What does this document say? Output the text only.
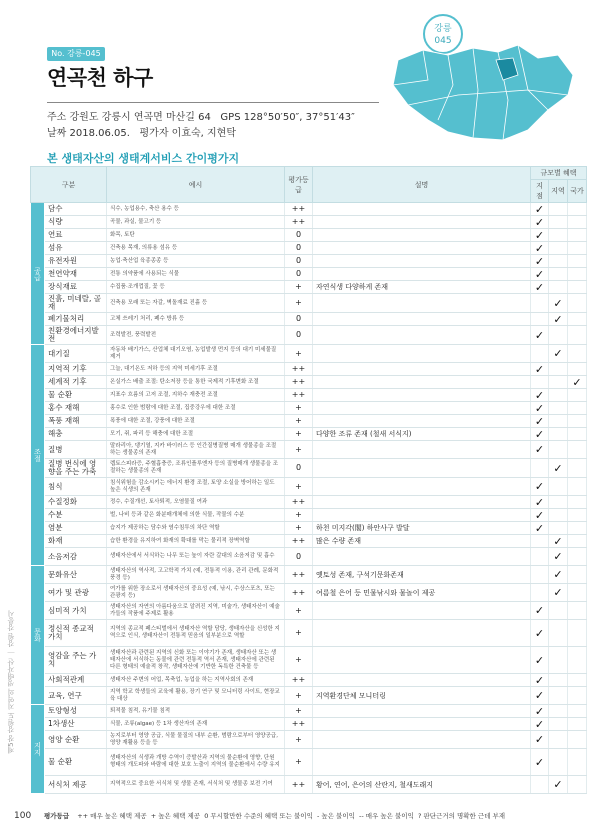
강릉
045
No. 강릉-045
연곡천 하구
주소 강원도 강릉시 연곡면 마산길 64 GPS 128°50′50″, 37°51′43″
날짜 2018.06.05. 평가자 이효숙, 지현탁
본 생태자산의 생태계서비스 간이평가지
구분		예시	평가등급	설명	규모별 혜택		
					지점	지역	국가
공급	담수	식수, 농업용수, 축산 용수 등	++		✓		
	식량	곡물, 과실, 물고기 등	++		✓		
	연료	화목, 토탄	0		✓		
	섬유	건축용 목재, 의류용 섬유 등	0		✓		
	유전자원	농업·축산업 육종종종 등	0		✓		
	천연약재	전통 의약품에 사용되는 식물	0		✓		
	장식재료	수집품·조개껍질, 꽃 등	+	자연식생 다양하게 존재	✓		
	진흙, 미네랄, 골재	건축용 모래 또는 자갈, 벽돌재료 진흙 등	+			✓	
	폐기물처리	고체 쓰레기 처리, 폐수 방류 등	0			✓	
	친환경에너지발전	조력발전, 풍력발전	0		✓		
조절	대기질	자동차 배기가스, 산업체 대기오염, 농업발생 먼지 등의 대기 미세물질 제거	+			✓	
	지역적 기후	그늘, 대기온도 저하 등의 지역 미세기후 조절	++		✓		
	세계적 기후	온실가스 배출 조절: 탄소저장 등을 통한 국제적 기후변화 조절	++				✓
	물 순환	지표수 흐름의 고저 조절, 지하수 재충전 조절	++		✓		
	홍수 재해	홍수로 인한 범람에 대한 조절, 집중강우에 대한 조절	+		✓		
	폭풍 재해	폭풍에 대한 조절, 강풍에 대한 조절	+		✓		
	해충	모기, 쥐, 파리 등 해충에 대한 조절	+	다양한 조류 존재 (철새 서식지)	✓		
	질병	말라리아, 댕기열, 지카 바이러스 등 인간질병질병 매개 생물종을 조절하는 생물종의 존재	+		✓		
	질병 번식에 영향을 주는 가축	렙토스피라증, 주혈흡충증, 조류인플루엔자 등의 질병매개 생물종을 조절하는 생물종의 존재	0			✓	
	침식	침식위험을 감소시키는 에너지 환경 조절, 토양 소실을 방어하는 일도 높은 식생의 존재	+		✓		
	수질정화	정수, 수질개선, 토사퇴적, 오염물질 여과	++		✓		
	수분	벌, 나비 등과 같은 화분매개체에 의한 식물, 작물의 수분	+		✓		
	염분	습지가 제공하는 담수와 염수침투의 차단 역할	+	하천 미지각(閣) 하안사구 발달	✓		
	화재	습한 환경을 유지하여 화재의 확대를 막는 물리적 장벽역할	++	많은 수량 존재		✓	
	소음저감	생태자산에서 서식하는 나무 또는 높이 자란 갈대의 소음저감 및 흡수	0			✓	
문화	문화유산	생태자산의 역사적, 고고학적 가치 (예, 전통적 이용, 관리 관례, 문화적 풍경 등)	++	옛토성 존재, 구석기문화존재		✓	
	여가 및 관광	여가를 위한 장소로서 생태자산의 중요성 (예, 낚시, 수상스포츠, 또는 관광지 등)	++	여름철 은어 등 민물낚시와 물놀이 제공		✓	
	심미적 가치	생태자산의 자연의 아름다움으로 알려진 지역, 미술가, 생태자산이 예술가들의 작품에 주제로 활용	+		✓		
	정신적 종교적 가치	지역의 종교적 페스티벌에서 생태자산 역할 담당, 생태자산을 신성한 지역으로 인식, 생태자산이 전통적 믿음의 일부분으로 역할	+		✓		
	영감을 주는 가치	생태자산과 관련된 지역의 신화 또는 이야기가 존재, 생태자산 또는 생태자산에 서식하는 동물에 관련 전통적 역서 존재, 생태자산에 관련된 다른 형태의 예술적 창작, 생태자산에 기반한 독특한 건축물 등	+		✓		
	사회적관계	생태자산 주변의 어업, 목축업, 농업을 하는 지역사회의 존재	++		✓		
	교육, 연구	지역 학교 학생들의 교육에 활용, 장기 연구 및 모니터링 사이트, 현장교육 대상	+	지역환경단체 모니터링	✓		
지지	토양형성	퇴적물 침적, 유기물 침적	+		✓		
	1차생산	식물, 조류(algae) 등 1차 생산자의 존재	++		✓		
	영양 순환	농지로부터 영양 공급, 식물 물질의 내부 순환, 범람으로부터 영양공급, 영양 재활용 등을 등	+		✓		
	물 순환	생태자산의 식생과 개방 수역이 증발산과 지역의 물순환에 영향, 단원 형태의 개도파와 바람에 대한 보호 노출이 지역의 물순환에서 수량 유지	+		✓		
	서식처 제공	지역적으로 중요한 서식처 및 생물 존재, 서식처 및 생물종 보전 기여	++	황어, 연어, 은어의 산란지, 철새도래지		✓	
제5장 강원도 지역의 생태자산 ｜ 강원 강릉시
100 평가등급 ++ 매우 높은 혜택 제공 + 높은 혜택 제공 0 무시할만한 수준의 혜택 또는 불이익 - 높은 불이익 -- 매우 높은 불이익 ? 판단근거의 명확한 근데 부재
